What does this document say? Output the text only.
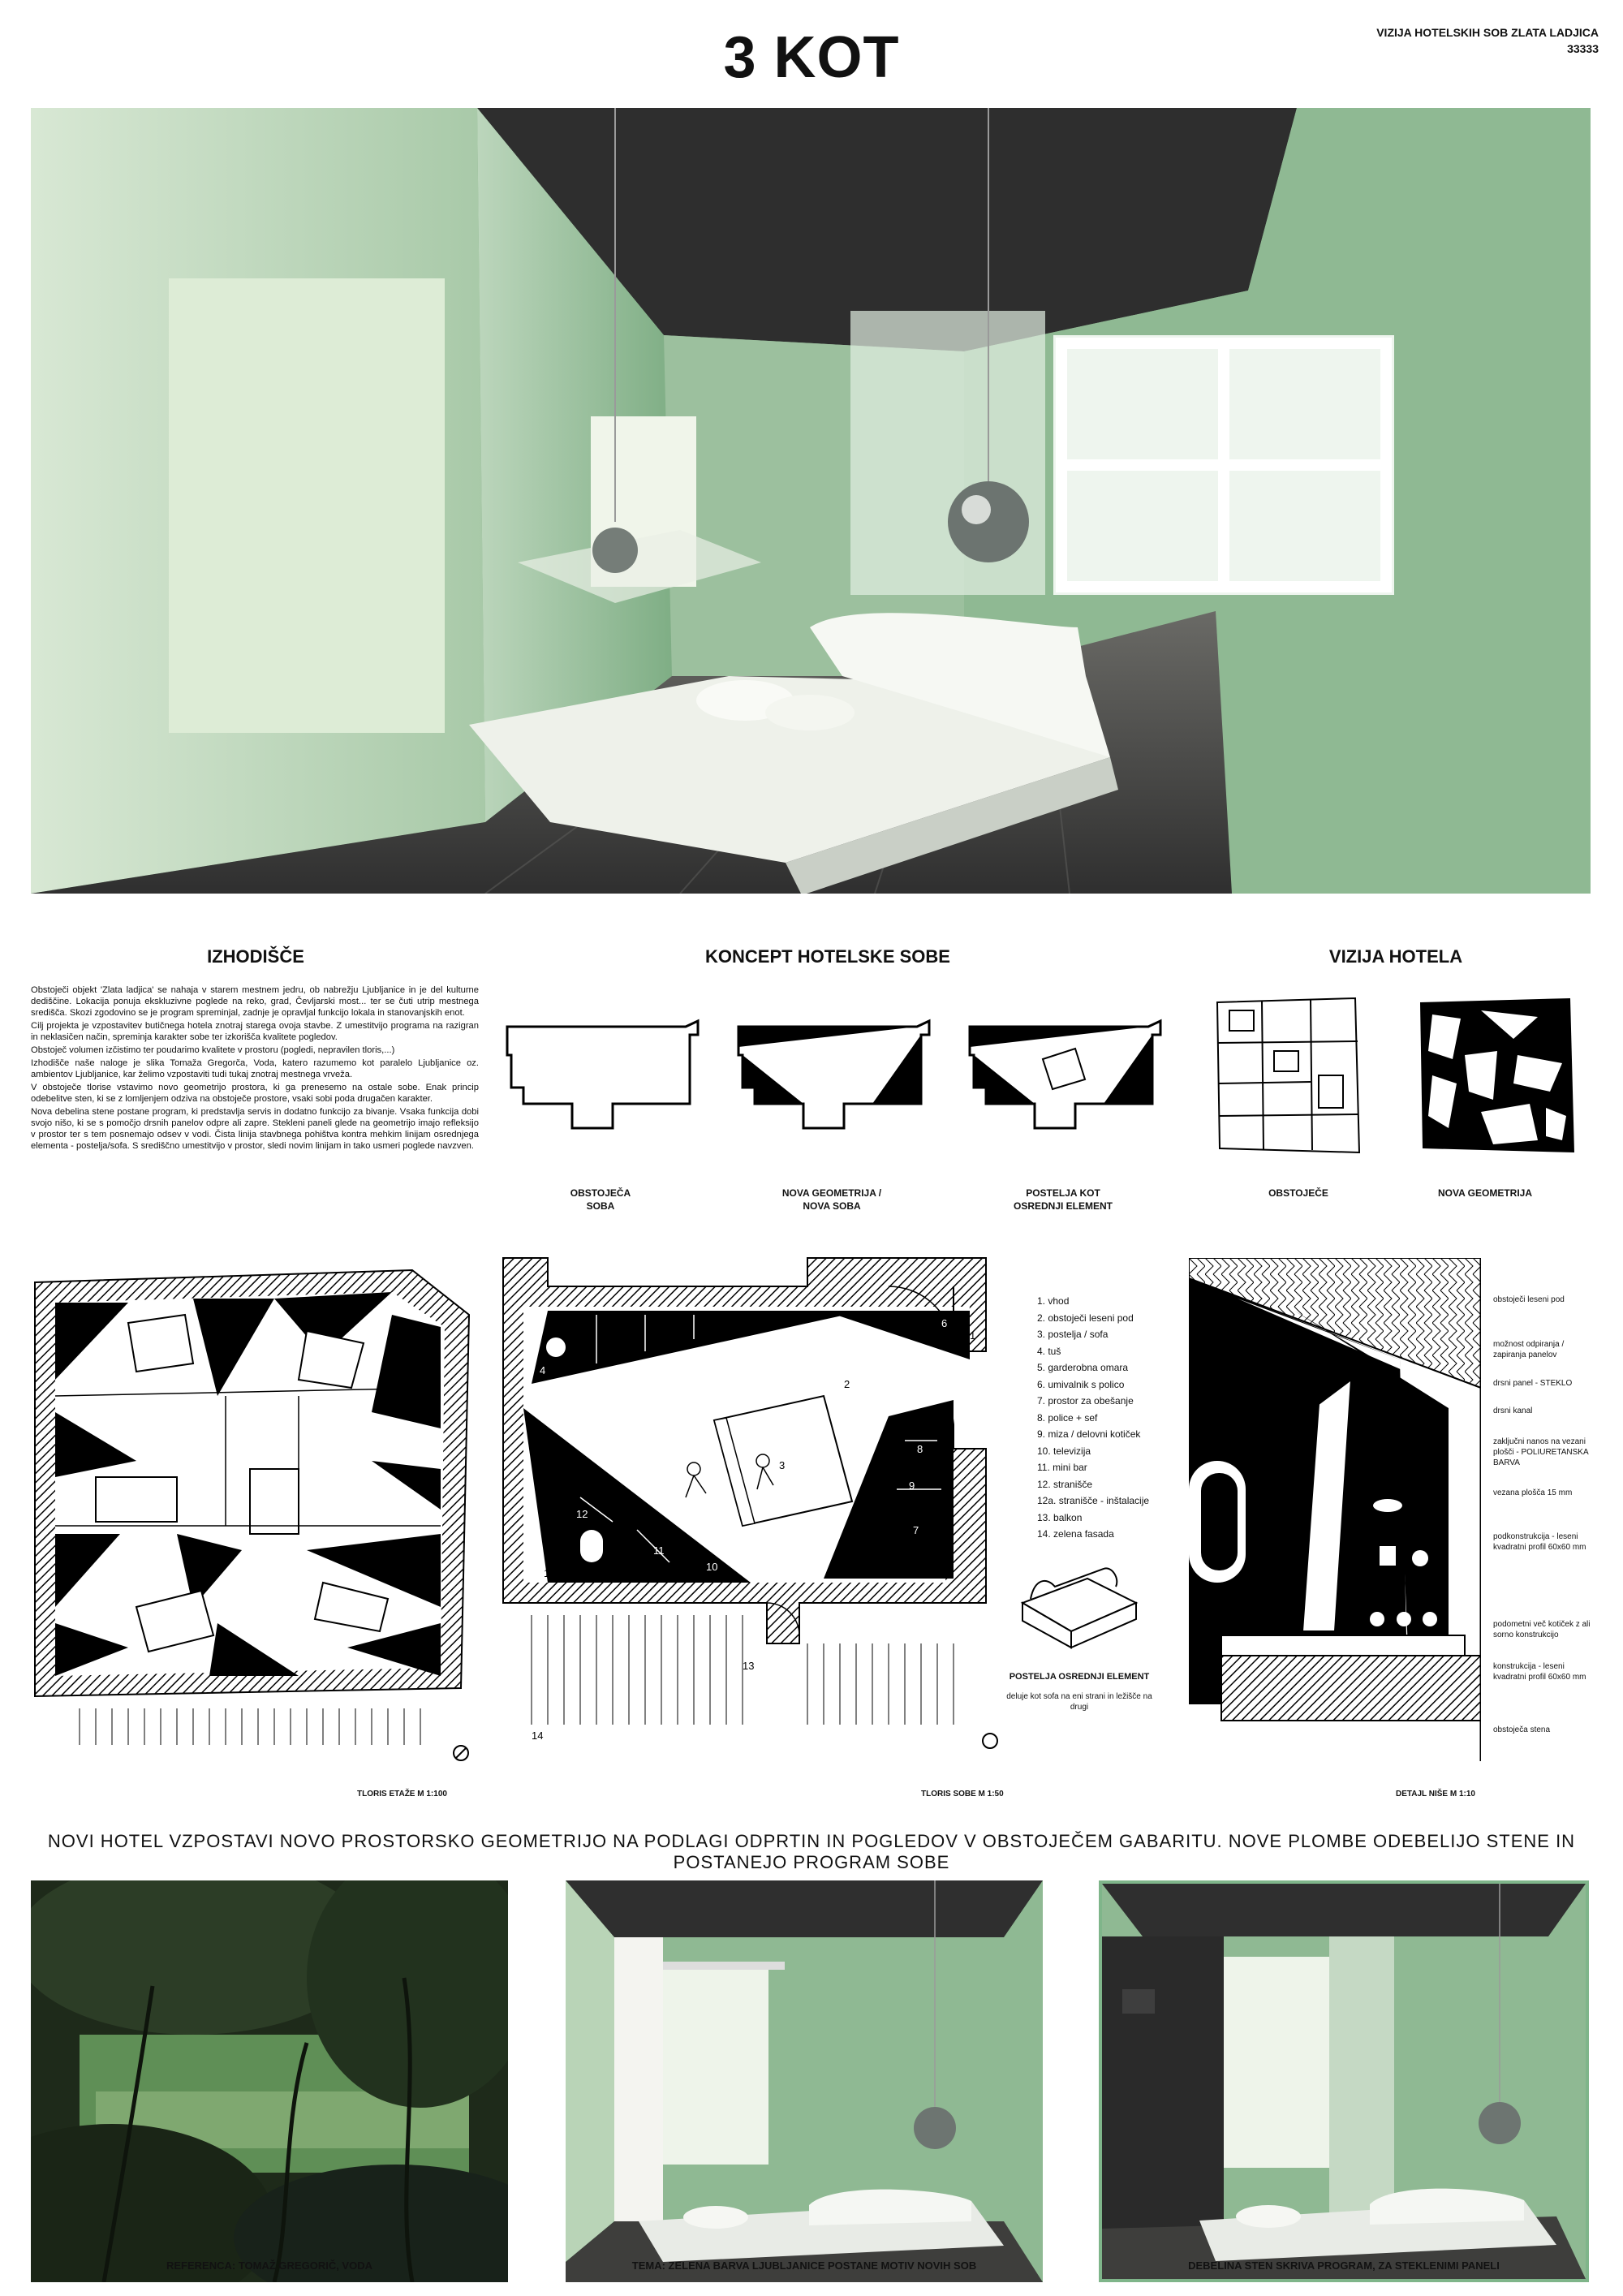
3 KOT	VIZIJA HOTELSKIH SOB ZLATA LADJICA
33333
IZHODIŠČE

Obstoječi objekt 'Zlata ladjica' se nahaja v starem mestnem jedru, ob nabrežju Ljubljanice in je del kulturne dediščine. Lokacija ponuja ekskluzivne poglede na reko, grad, Čevljarski most... ter se čuti utrip mestnega središča. Skozi zgodovino se je program spreminjal, zadnje je opravljal funkcijo lokala in stanovanjskih enot.

Cilj projekta je vzpostavitev butičnega hotela znotraj starega ovoja stavbe. Z umestitvijo programa na razigran in neklasičen način, spreminja karakter sobe ter izkorišča kvalitete pogledov.

Obstoječ volumen izčistimo ter poudarimo kvalitete v prostoru (pogledi, nepravilen tloris,...)

Izhodišče naše naloge je slika Tomaža Gregorča, Voda, katero razumemo kot paralelo Ljubljanice oz. ambientov Ljubljanice, kar želimo vzpostaviti tudi tukaj znotraj mestnega vrveža.

V obstoječe tlorise vstavimo novo geometrijo prostora, ki ga prenesemo na ostale sobe. Enak princip odebelitve sten, ki se z lomljenjem odziva na obstoječe prostore, vsaki sobi poda drugačen karakter.

Nova debelina stene postane program, ki predstavlja servis in dodatno funkcijo za bivanje. Vsaka funkcija dobi svojo nišo, ki se s pomočjo drsnih panelov odpre ali zapre. Stekleni paneli glede na geometrijo imajo refleksijo v prostor ter s tem posnemajo odsev v vodi. Čista linija stavbnega pohištva kontra mehkim linijam osrednjega elementa - postelja/sofa. S središčno umestitvijo v prostor, sledi novim linijam in tako usmeri poglede navzven.

KONCEPT HOTELSKE SOBE
OBSTOJEČA
SOBA
NOVA GEOMETRIJA /
NOVA SOBA
POSTELJA KOT
OSREDNJI ELEMENT
VIZIJA HOTELA
OBSTOJEČE	NOVA GEOMETRIJA
TLORIS ETAŽE M 1:100
1
2
3
4
5
6
7
8
9
10
11
12
12a
13
14
TLORIS SOBE M 1:50
1. vhod
2. obstoječi leseni pod
3. postelja / sofa
4. tuš
5. garderobna omara
6. umivalnik s polico
7. prostor za obešanje
8. police + sef
9. miza / delovni kotiček
10. televizija
11. mini bar
12. straniščе
12a. stranišče - inštalacije
13. balkon
14. zelena fasada
POSTELJA OSREDNJI ELEMENT
deluje kot sofa na eni strani in ležišče na drugi
obstoječi leseni pod
možnost odpiranja / zapiranja panelov
drsni panel - STEKLO
drsni kanal
zaključni nanos na vezani plošči - POLIURETANSKA BARVA
vezana plošča 15 mm
podkonstrukcija - leseni kvadratni profil 60x60 mm
podometni več kotiček z ali sorno konstrukcijo
konstrukcija - leseni kvadratni profil 60x60 mm
obstoječa stena
DETAJL NIŠE M 1:10
NOVI HOTEL VZPOSTAVI NOVO PROSTORSKO GEOMETRIJO NA PODLAGI ODPRTIN IN POGLEDOV V OBSTOJEČEM GABARITU. NOVE PLOMBE ODEBELIJO STENE IN POSTANEJO PROGRAM SOBE
REFERENCA: TOMAŽ GREGORIČ, VODA	TEMA: ZELENA BARVA LJUBLJANICE POSTANE MOTIV NOVIH SOB	DEBELINA STEN SKRIVA PROGRAM, ZA STEKLENIMI PANELI
